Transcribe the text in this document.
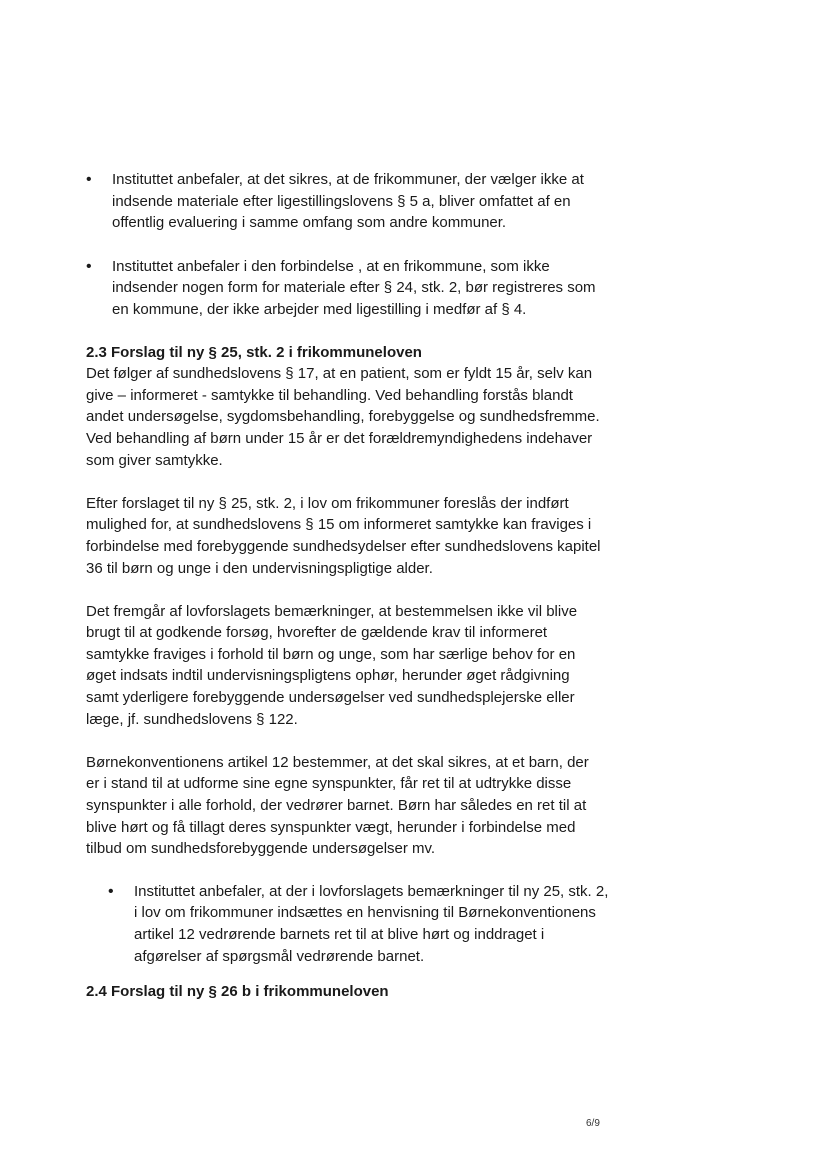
• Instituttet anbefaler, at det sikres, at de frikommuner, der vælger ikke at indsende materiale efter ligestillingslovens § 5 a, bliver omfattet af en offentlig evaluering i samme omfang som andre kommuner.

• Instituttet anbefaler i den forbindelse , at en frikommune, som ikke indsender nogen form for materiale efter § 24, stk. 2, bør registreres som en kommune, der ikke arbejder med ligestilling i medfør af § 4.

2.3 Forslag til ny § 25, stk. 2 i frikommuneloven

Det følger af sundhedslovens § 17, at en patient, som er fyldt 15 år, selv kan give – informeret - samtykke til behandling. Ved behandling forstås blandt andet undersøgelse, sygdomsbehandling, forebyggelse og sundhedsfremme. Ved behandling af børn under 15 år er det forældremyndighedens indehaver som giver samtykke.

Efter forslaget til ny § 25, stk. 2, i lov om frikommuner foreslås der indført mulighed for, at sundhedslovens § 15 om informeret samtykke kan fraviges i forbindelse med forebyggende sundhedsydelser efter sundhedslovens kapitel 36 til børn og unge i den undervisningspligtige alder.

Det fremgår af lovforslagets bemærkninger, at bestemmelsen ikke vil blive brugt til at godkende forsøg, hvorefter de gældende krav til informeret samtykke fraviges i forhold til børn og unge, som har særlige behov for en øget indsats indtil undervisningspligtens ophør, herunder øget rådgivning samt yderligere forebyggende undersøgelser ved sundhedsplejerske eller læge, jf. sundhedslovens § 122.

Børnekonventionens artikel 12 bestemmer, at det skal sikres, at et barn, der er i stand til at udforme sine egne synspunkter, får ret til at udtrykke disse synspunkter i alle forhold, der vedrører barnet. Børn har således en ret til at blive hørt og få tillagt deres synspunkter vægt, herunder i forbindelse med tilbud om sundhedsforebyggende undersøgelser mv.

• Instituttet anbefaler, at der i lovforslagets bemærkninger til ny 25, stk. 2, i lov om frikommuner indsættes en henvisning til Børnekonventionens artikel 12 vedrørende barnets ret til at blive hørt og inddraget i afgørelser af spørgsmål vedrørende barnet.

2.4 Forslag til ny § 26 b i frikommuneloven

6/9
